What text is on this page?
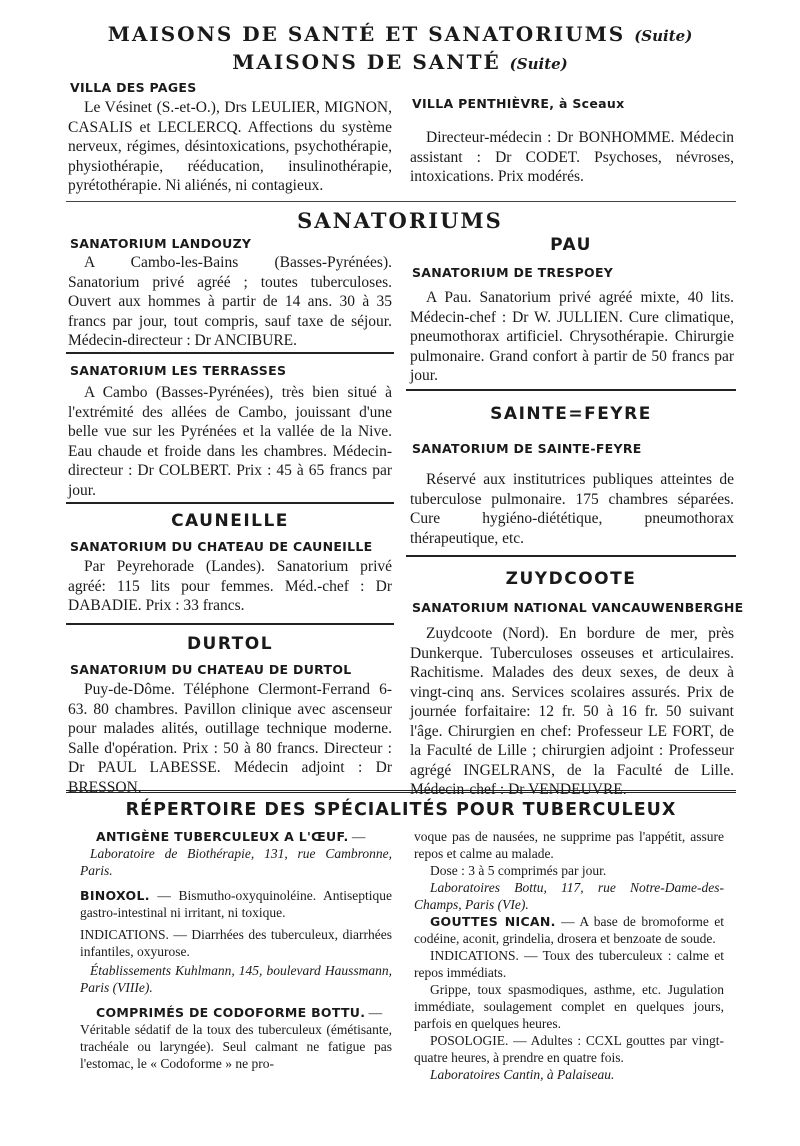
MAISONS DE SANTÉ ET SANATORIUMS (Suite)
MAISONS DE SANTÉ (Suite)
VILLA DES PAGES
Le Vésinet (S.-et-O.), Drs LEULIER, MIGNON, CASALIS et LECLERCQ. Affections du système nerveux, régimes, désintoxications, psychothérapie, physiothérapie, rééducation, insulinothérapie, pyrétothérapie. Ni aliénés, ni contagieux.
VILLA PENTHIÈVRE, à Sceaux
Directeur-médecin : Dr BONHOMME. Médecin assistant : Dr CODET. Psychoses, névroses, intoxications. Prix modérés.
SANATORIUMS
SANATORIUM LANDOUZY
A Cambo-les-Bains (Basses-Pyrénées). Sanatorium privé agréé ; toutes tuberculoses. Ouvert aux hommes à partir de 14 ans. 30 à 35 francs par jour, tout compris, sauf taxe de séjour. Médecin-directeur : Dr ANCIBURE.
SANATORIUM LES TERRASSES
A Cambo (Basses-Pyrénées), très bien situé à l'extrémité des allées de Cambo, jouissant d'une belle vue sur les Pyrénées et la vallée de la Nive. Eau chaude et froide dans les chambres. Médecin-directeur : Dr COLBERT. Prix : 45 à 65 francs par jour.
CAUNEILLE
SANATORIUM DU CHATEAU DE CAUNEILLE
Par Peyrehorade (Landes). Sanatorium privé agréé: 115 lits pour femmes. Méd.-chef : Dr DABADIE. Prix : 33 francs.
DURTOL
SANATORIUM DU CHATEAU DE DURTOL
Puy-de-Dôme. Téléphone Clermont-Ferrand 6-63. 80 chambres. Pavillon clinique avec ascenseur pour malades alités, outillage technique moderne. Salle d'opération. Prix : 50 à 80 francs. Directeur : Dr PAUL LABESSE. Médecin adjoint : Dr BRESSON.
PAU
SANATORIUM DE TRESPOEY
A Pau. Sanatorium privé agréé mixte, 40 lits. Médecin-chef : Dr W. JULLIEN. Cure climatique, pneumothorax artificiel. Chrysothérapie. Chirurgie pulmonaire. Grand confort à partir de 50 francs par jour.
SAINTE=FEYRE
SANATORIUM DE SAINTE-FEYRE
Réservé aux institutrices publiques atteintes de tuberculose pulmonaire. 175 chambres séparées. Cure hygiéno-diététique, pneumothorax thérapeutique, etc.
ZUYDCOOTE
SANATORIUM NATIONAL VANCAUWENBERGHE
Zuydcoote (Nord). En bordure de mer, près Dunkerque. Tuberculoses osseuses et articulaires. Rachitisme. Malades des deux sexes, de deux à vingt-cinq ans. Services scolaires assurés. Prix de journée forfaitaire: 12 fr. 50 à 16 fr. 50 suivant l'âge. Chirurgien en chef: Professeur LE FORT, de la Faculté de Lille ; chirurgien adjoint : Professeur agrégé INGELRANS, de la Faculté de Lille. Médecin-chef : Dr VENDEUVRE.
RÉPERTOIRE DES SPÉCIALITÉS POUR TUBERCULEUX
ANTIGÈNE TUBERCULEUX A L'ŒUF. —
Laboratoire de Biothérapie, 131, rue Cambronne, Paris.
BINOXOL. — Bismutho-oxyquinoléine. Antiseptique gastro-intestinal ni irritant, ni toxique.
INDICATIONS. — Diarrhées des tuberculeux, diarrhées infantiles, oxyurose.
Établissements Kuhlmann, 145, boulevard Haussmann, Paris (VIIIe).
COMPRIMÉS DE CODOFORME BOTTU. —
Véritable sédatif de la toux des tuberculeux (émétisante, trachéale ou laryngée). Seul calmant ne fatigue pas l'estomac, le « Codoforme » ne pro-
voque pas de nausées, ne supprime pas l'appétit, assure repos et calme au malade.
Dose : 3 à 5 comprimés par jour.
Laboratoires Bottu, 117, rue Notre-Dame-des-Champs, Paris (VIe).
GOUTTES NICAN. — A base de bromoforme et codéine, aconit, grindelia, drosera et benzoate de soude.
INDICATIONS. — Toux des tuberculeux : calme et repos immédiats.
Grippe, toux spasmodiques, asthme, etc. Jugulation immédiate, soulagement complet en quelques jours, parfois en quelques heures.
POSOLOGIE. — Adultes : CCXL gouttes par vingt-quatre heures, à prendre en quatre fois.
Laboratoires Cantin, à Palaiseau.
